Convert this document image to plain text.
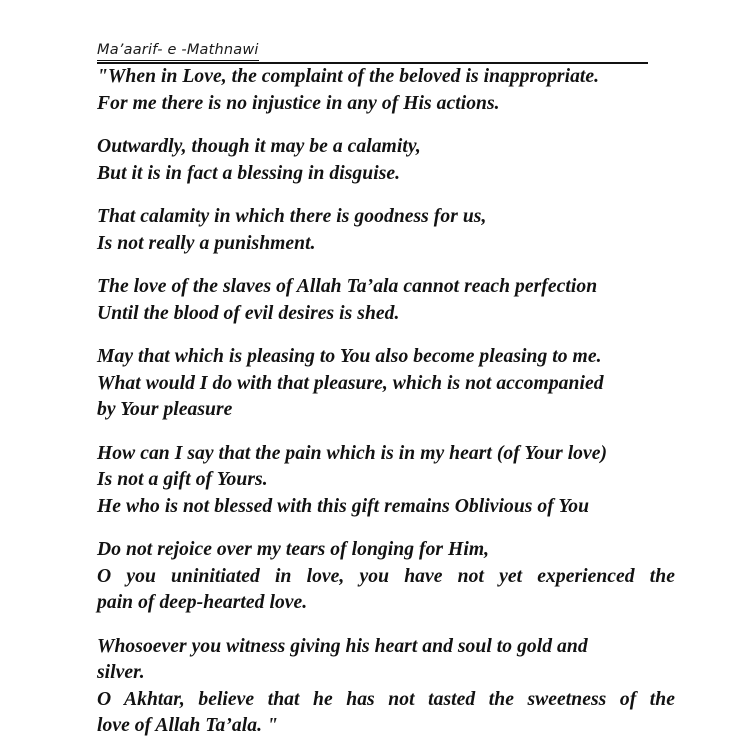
Ma’aarif- e -Mathnawi
"When in Love, the complaint of the beloved is inappropriate.
For me there is no injustice in any of His actions.
Outwardly, though it may be a calamity,
But it is in fact a blessing in disguise.
That calamity in which there is goodness for us,
Is not really a punishment.
The love of the slaves of Allah Ta’ala cannot reach perfection
Until the blood of evil desires is shed.
May that which is pleasing to You also become pleasing to me.
What would I do with that pleasure, which is not accompanied
by Your pleasure
How can I say that the pain which is in my heart (of Your love)
Is not a gift of Yours.
He who is not blessed with this gift remains Oblivious of You
Do not rejoice over my tears of longing for Him,
O you uninitiated in love, you have not yet experienced the
pain of deep-hearted love.
Whosoever you witness giving his heart and soul to gold and
silver.
O Akhtar, believe that he has not tasted the sweetness of the
love of Allah Ta’ala. "
